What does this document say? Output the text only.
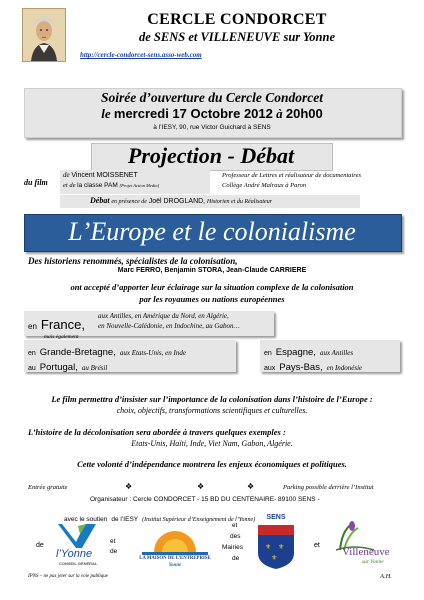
CERCLE CONDORCET
de SENS et VILLENEUVE sur Yonne
http://cercle-condorcet-sens.asso-web.com
Soirée d’ouverture du Cercle Condorcet
le mercredi 17 Octobre 2012 à 20h00
à l’IESY, 90, rue Victor Guichard à SENS
Projection - Débat
du film
de Vincent MOISSENET
et de la classe PAM [Projet Action Media]
Professeur de Lettres et réalisateur de documentaires
Collège André Malraux à Paron
Débat en présence de Joël DROGLAND, Historien et du Réalisateur
L’Europe et le colonialisme
Des historiens renommés, spécialistes de la colonisation,
Marc FERRO, Benjamin STORA, Jean-Claude CARRIERE
ont accepté d’apporter leur éclairage sur la situation complexe de la colonisation
par les royaumes ou nations européennes
en France,
aux Antilles, en Amérique du Nord, en Algérie,
en Nouvelle-Calédonie, en Indochine, au Gabon…
mais également
en Grande-Bretagne, aux Etats-Unis, en Inde
au Portugal, au Brésil
en Espagne, aux Antilles
aux Pays-Bas, en Indonésie
Le film permettra d’insister sur l’importance de la colonisation dans l’histoire de l’Europe :
choix, objectifs, transformations scientifiques et culturelles.
L’histoire de la décolonisation sera abordée à travers quelques exemples :
Etats-Unis, Haïti, Inde, Viet Nam, Gabon, Algérie.
Cette volonté d’indépendance montrera les enjeux économiques et politiques.
Entrée gratuite	❖	❖	❖	Parking possible derrière l’Institut
Organisateur : Cercle CONDORCET - 15 BD DU CENTENAIRE- 89100 SENS -
avec le soutien de l’IESY (Institut Supérieur d’Enseignement de l’Yonne)
de
l’Yonne
CONSEIL GÉNÉRAL
et
de
LA MAISON DE L’ENTREPRISE
Yonne
et
des
Mairies
de
SENS
⚜ ⚜
⚜
et
Villeneuve
sur Yonne
IPNS – ne pas jeter sur la voie publique	A.H.
